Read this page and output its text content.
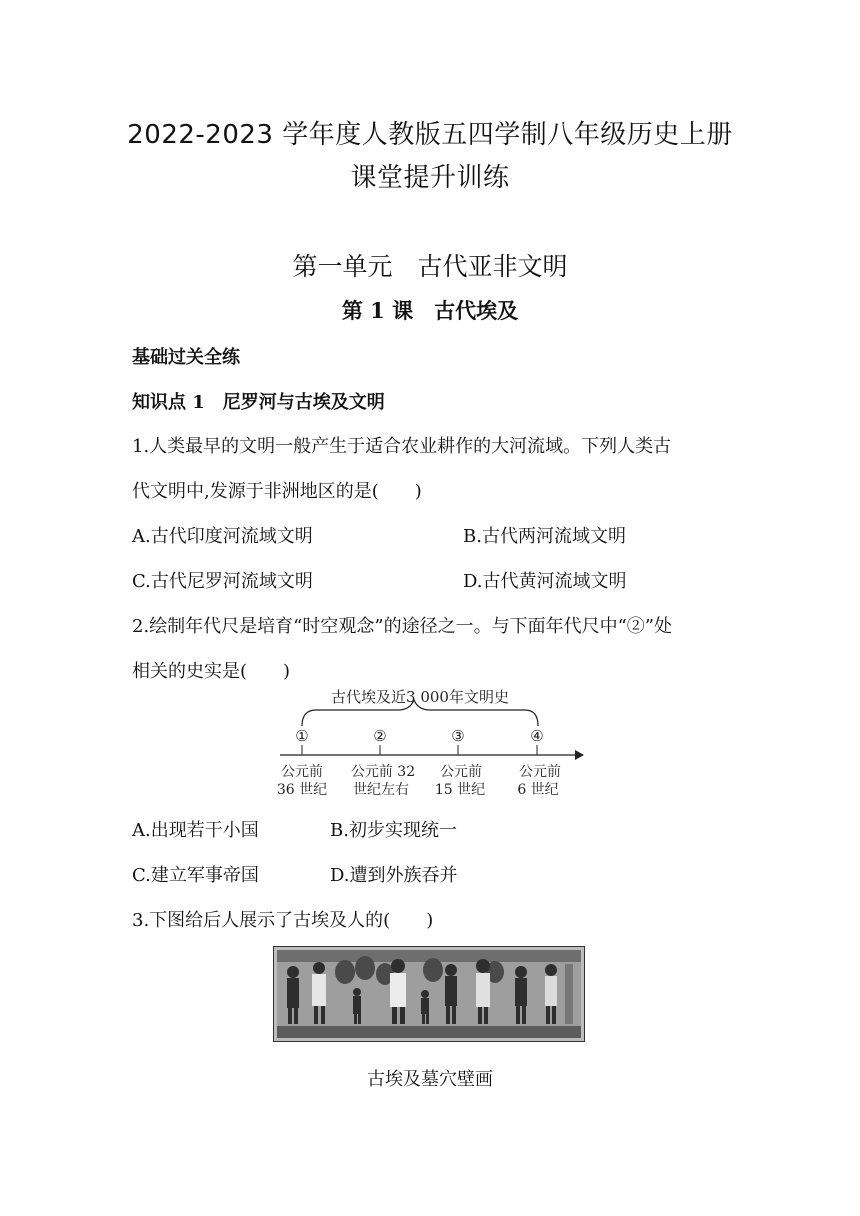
2022-2023 学年度人教版五四学制八年级历史上册
课堂提升训练
第一单元　古代亚非文明
第 1 课　古代埃及
基础过关全练
知识点 1　尼罗河与古埃及文明
1.人类最早的文明一般产生于适合农业耕作的大河流域。下列人类古
代文明中,发源于非洲地区的是(　　)
A.古代印度河流域文明	B.古代两河流域文明
C.古代尼罗河流域文明	D.古代黄河流域文明
2.绘制年代尺是培育“时空观念”的途径之一。与下面年代尺中“②”处
相关的史实是(　　)
古代埃及近3 000年文明史
①
公元前
36 世纪
②
公元前 32
世纪左右
③
公元前
15 世纪
④
公元前
6 世纪
A.出现若干小国	B.初步实现统一
C.建立军事帝国	D.遭到外族吞并
3.下图给后人展示了古埃及人的(　　)
古埃及墓穴壁画
